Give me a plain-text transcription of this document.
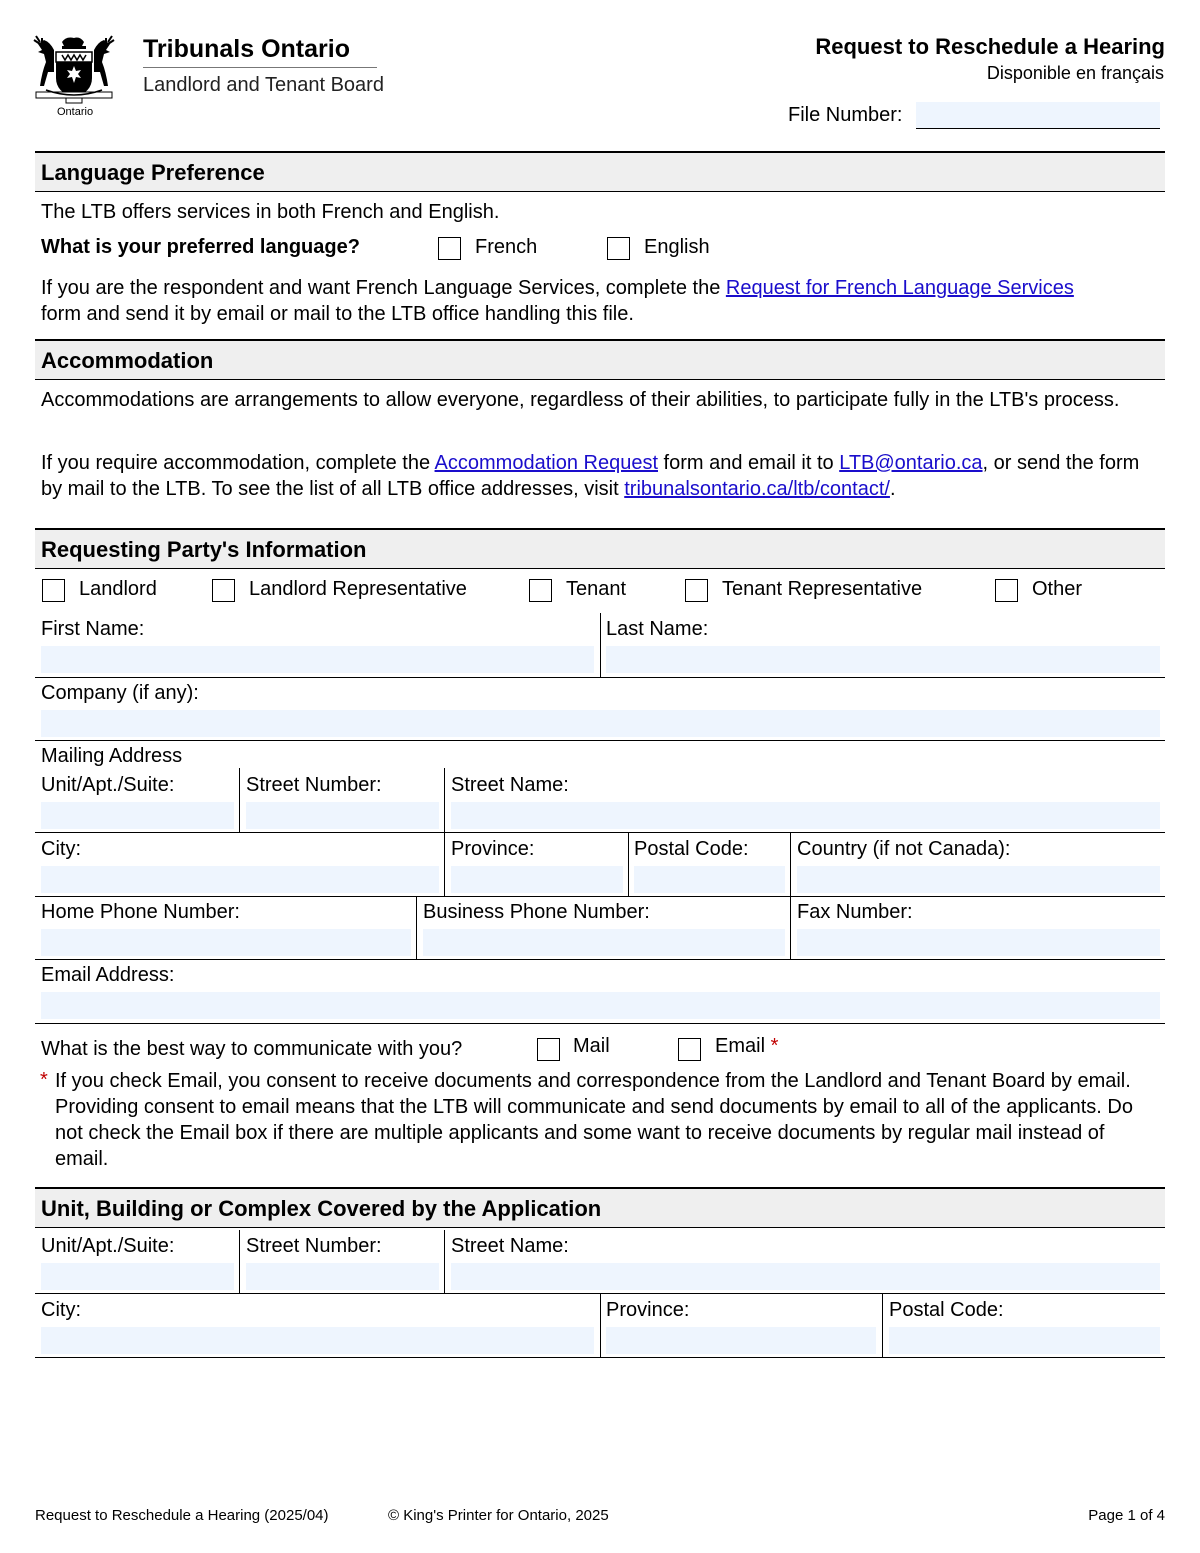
Ontario
Tribunals Ontario
Landlord and Tenant Board
Request to Reschedule a Hearing
Disponible en français
File Number:
Language Preference
The LTB offers services in both French and English.
What is your preferred language?	French	English
If you are the respondent and want French Language Services, complete the Request for French Language Services
form and send it by email or mail to the LTB office handling this file.
Accommodation
Accommodations are arrangements to allow everyone, regardless of their abilities, to participate fully in the LTB's process.
If you require accommodation, complete the Accommodation Request form and email it to LTB@ontario.ca, or send the form by mail to the LTB. To see the list of all LTB office addresses, visit tribunalsontario.ca/ltb/contact/.
Requesting Party's Information
Landlord	Landlord Representative	Tenant	Tenant Representative	Other
First Name:	Last Name:
Company (if any):
Mailing Address
Unit/Apt./Suite:	Street Number:	Street Name:
City:	Province:	Postal Code: Country (if not Canada):
Home Phone Number:	Business Phone Number:	Fax Number:
Email Address:
What is the best way to communicate with you?	Mail	Email *
* If you check Email, you consent to receive documents and correspondence from the Landlord and Tenant Board by email. Providing consent to email means that the LTB will communicate and send documents by email to all of the applicants. Do not check the Email box if there are multiple applicants and some want to receive documents by regular mail instead of email.
Unit, Building or Complex Covered by the Application
Unit/Apt./Suite:	Street Number:	Street Name:
City:	Province:	Postal Code:
Request to Reschedule a Hearing (2025/04)	© King's Printer for Ontario, 2025	Page 1 of 4
